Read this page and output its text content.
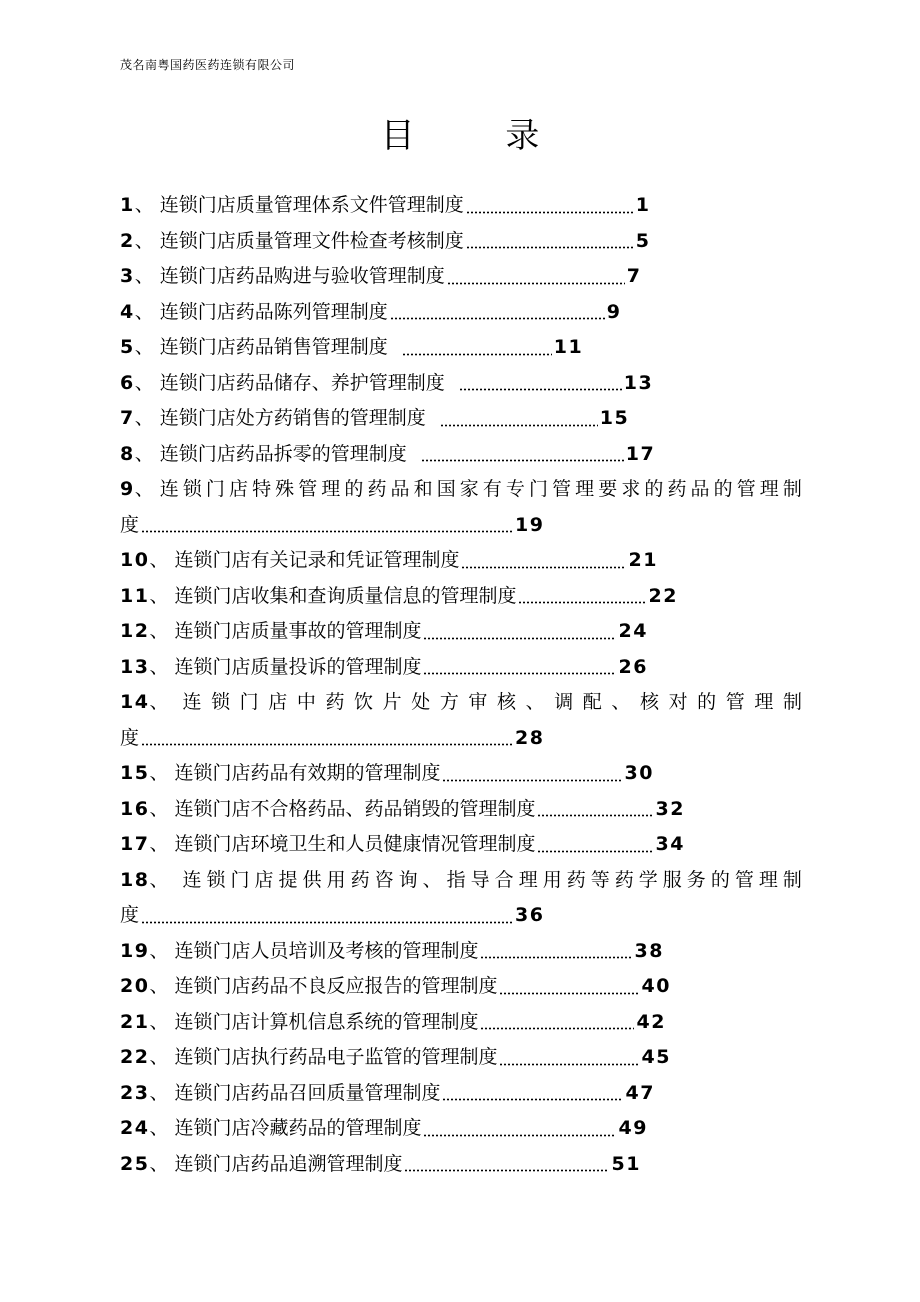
茂名南粤国药医药连锁有限公司
目 录
1 、 连锁门店质量管理体系文件管理制度	1
2 、 连锁门店质量管理文件检查考核制度	5
3 、 连锁门店药品购进与验收管理制度	7
4 、 连锁门店药品陈列管理制度	9
5 、 连锁门店药品销售管理制度	11
6 、 连锁门店药品储存、养护管理制度	13
7 、 连锁门店处方药销售的管理制度	15
8 、 连锁门店药品拆零的管理制度	17
9、 连 锁 门 店 特 殊 管 理 的 药 品 和 国 家 有 专 门 管 理 要 求 的 药 品 的 管 理 制
度	19
10 、 连锁门店有关记录和凭证管理制度	21
11 、 连锁门店收集和查询质量信息的管理制度	22
12 、 连锁门店质量事故的管理制度	24
13 、 连锁门店质量投诉的管理制度	26
14、 连 锁 门 店 中 药 饮 片 处 方 审 核 、 调 配 、 核 对 的 管 理 制
度	28
15 、 连锁门店药品有效期的管理制度	30
16 、 连锁门店不合格药品、药品销毁的管理制度	32
17 、 连锁门店环境卫生和人员健康情况管理制度	34
18、 连 锁 门 店 提 供 用 药 咨 询 、 指 导 合 理 用 药 等 药 学 服 务 的 管 理 制
度	36
19 、 连锁门店人员培训及考核的管理制度	38
20 、 连锁门店药品不良反应报告的管理制度	40
21 、 连锁门店计算机信息系统的管理制度	42
22 、 连锁门店执行药品电子监管的管理制度	45
23 、 连锁门店药品召回质量管理制度	47
24 、 连锁门店冷藏药品的管理制度	49
25 、 连锁门店药品追溯管理制度	51
